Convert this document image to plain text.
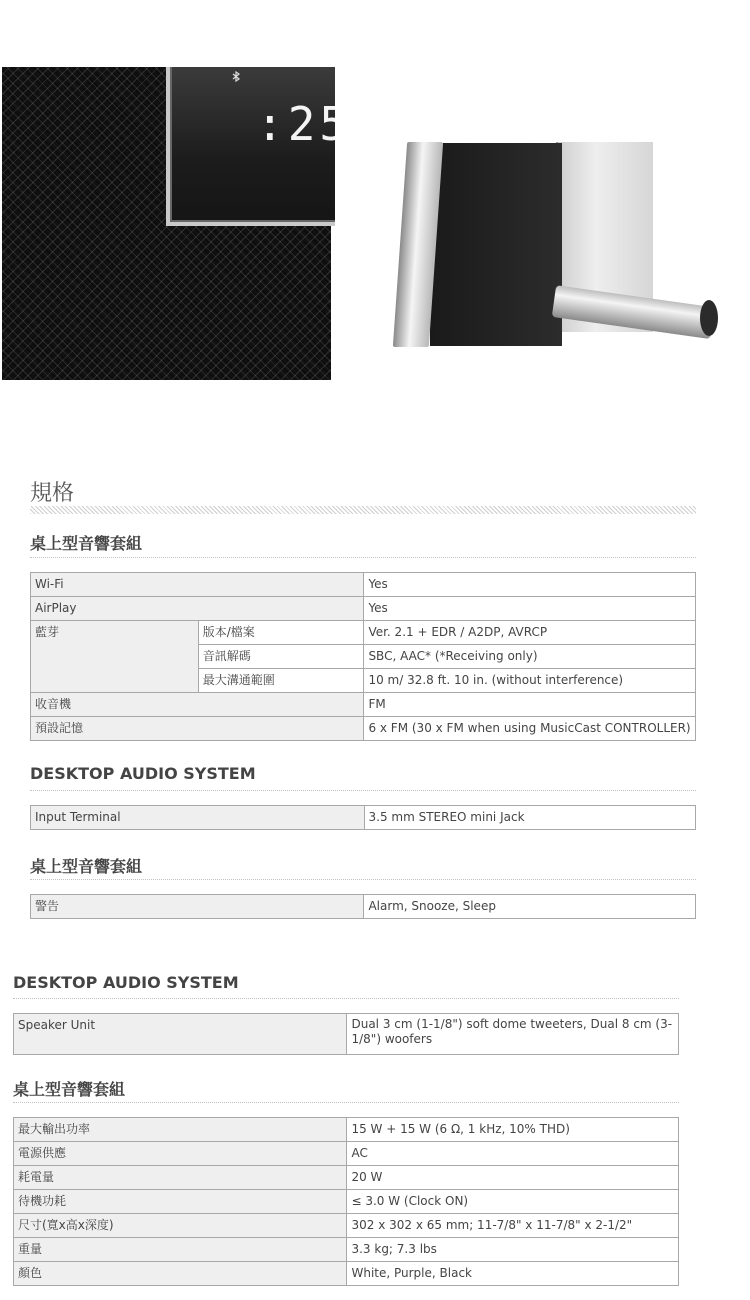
:25
規格
桌上型音響套組
Wi-Fi		Yes
AirPlay		Yes
藍芽	版本/檔案	Ver. 2.1 + EDR / A2DP, AVRCP
	音訊解碼	SBC, AAC* (*Receiving only)
	最大溝通範圍	10 m/ 32.8 ft. 10 in. (without interference)
收音機		FM
預設記憶		6 x FM (30 x FM when using MusicCast CONTROLLER)
DESKTOP AUDIO SYSTEM
Input Terminal	3.5 mm STEREO mini Jack
桌上型音響套組
警告	Alarm, Snooze, Sleep
DESKTOP AUDIO SYSTEM
Speaker Unit	Dual 3 cm (1-1/8") soft dome tweeters, Dual 8 cm (3-1/8") woofers
桌上型音響套組
最大輸出功率	15 W + 15 W (6 Ω, 1 kHz, 10% THD)
電源供應	AC
耗電量	20 W
待機功耗	≤ 3.0 W (Clock ON)
尺寸(寬x高x深度)	302 x 302 x 65 mm; 11-7/8" x 11-7/8" x 2-1/2"
重量	3.3 kg; 7.3 lbs
顏色	White, Purple, Black
